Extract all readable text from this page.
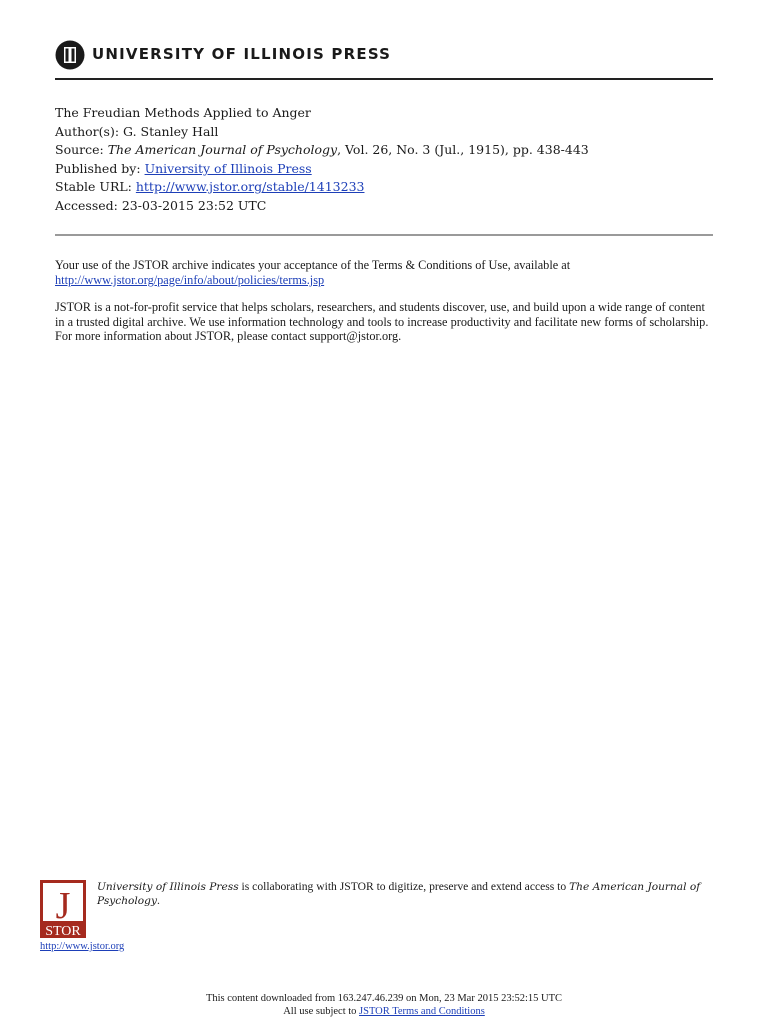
UNIVERSITY OF ILLINOIS PRESS
The Freudian Methods Applied to Anger
Author(s): G. Stanley Hall
Source: The American Journal of Psychology, Vol. 26, No. 3 (Jul., 1915), pp. 438-443
Published by: University of Illinois Press
Stable URL: http://www.jstor.org/stable/1413233
Accessed: 23-03-2015 23:52 UTC
Your use of the JSTOR archive indicates your acceptance of the Terms & Conditions of Use, available at
http://www.jstor.org/page/info/about/policies/terms.jsp
JSTOR is a not-for-profit service that helps scholars, researchers, and students discover, use, and build upon a wide range of content
in a trusted digital archive. We use information technology and tools to increase productivity and facilitate new forms of scholarship.
For more information about JSTOR, please contact support@jstor.org.
J
STOR
University of Illinois Press is collaborating with JSTOR to digitize, preserve and extend access to The American Journal of
Psychology.
http://www.jstor.org
This content downloaded from 163.247.46.239 on Mon, 23 Mar 2015 23:52:15 UTC
All use subject to JSTOR Terms and Conditions
